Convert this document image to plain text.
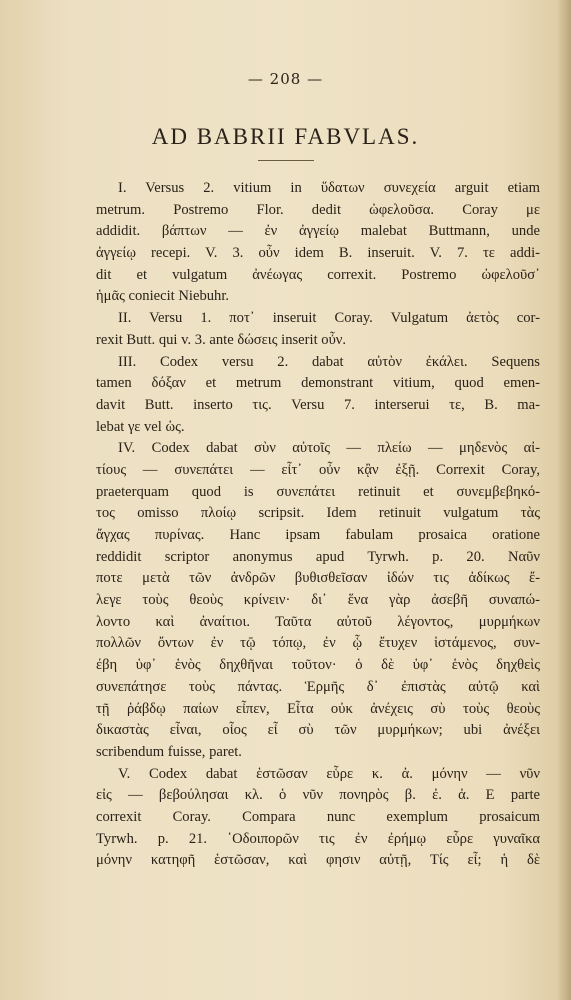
— 208 —
AD BABRII FABVLAS.
I. Versus 2. vitium in ὕδατων συνεχεία arguit etiam
metrum. Postremo Flor. dedit ὠφελοῦσα. Coray με
addidit. βάπτων — ἐν ἀγγείῳ malebat Buttmann, unde
ἀγγείῳ recepi. V. 3. οὖν idem B. inseruit. V. 7. τε addi-
dit et vulgatum ἀνέωγας correxit. Postremo ὠφελοῦσ᾽
ἡμᾶς coniecit Niebuhr.
II. Versu 1. ποτ᾽ inseruit Coray. Vulgatum ἀετὸς cor-
rexit Butt. qui v. 3. ante δώσεις inserit οὖν.
III. Codex versu 2. dabat αὐτὸν ἐκάλει. Sequens
tamen δόξαν et metrum demonstrant vitium, quod emen-
davit Butt. inserto τις. Versu 7. interserui τε, B. ma-
lebat γε vel ὡς.
IV. Codex dabat σὺν αὐτοῖς — πλείω — μηδενὸς αἰ-
τίους — συνεπάτει — εἶτ᾽ οὖν κᾂν ἐξῇ. Correxit Coray,
praeterquam quod is συνεπάτει retinuit et συνεμβεβηκό-
τος omisso πλοίῳ scripsit. Idem retinuit vulgatum τὰς
ἄγχας πυρίνας. Hanc ipsam fabulam prosaica oratione
reddidit scriptor anonymus apud Tyrwh. p. 20. Ναῦν
ποτε μετὰ τῶν ἀνδρῶν βυθισθεῖσαν ἰδών τις ἀδίκως ἔ-
λεγε τοὺς θεοὺς κρίνειν· δι᾽ ἕνα γὰρ ἀσεβῆ συναπώ-
λοντο καὶ ἀναίτιοι. Ταῦτα αὐτοῦ λέγοντος, μυρμήκων
πολλῶν ὄντων ἐν τῷ τόπῳ, ἐν ᾧ ἔτυχεν ἱστάμενος, συν-
έβη ὑφ᾽ ἑνὸς δηχθῆναι τοῦτον· ὁ δὲ ὑφ᾽ ἑνὸς δηχθεὶς
συνεπάτησε τοὺς πάντας. Ἑρμῆς δ᾽ ἐπιστὰς αὐτῷ καὶ
τῇ ῥάβδῳ παίων εἶπεν, Εἶτα οὐκ ἀνέχεις σὺ τοὺς θεοὺς
δικαστὰς εἶναι, οἷος εἶ σὺ τῶν μυρμήκων; ubi ἀνέξει
scribendum fuisse, paret.
V. Codex dabat ἑστῶσαν εὗρε κ. ἀ. μόνην — νῦν
εἰς — βεβούλησαι κλ. ὁ νῦν πονηρὸς β. ἐ. ἀ. E parte
correxit Coray. Compara nunc exemplum prosaicum
Tyrwh. p. 21. ῾Οδοιπορῶν τις ἐν ἐρήμῳ εὗρε γυναῖκα
μόνην κατηφῆ ἑστῶσαν, καὶ φησιν αὐτῇ, Τίς εἶ; ἡ δὲ
